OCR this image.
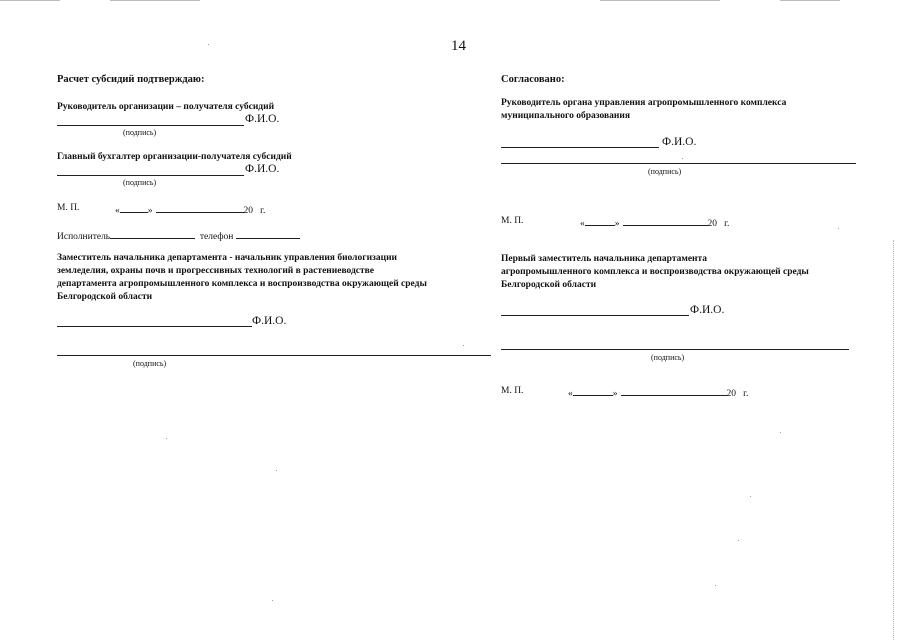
14
Расчет субсидий подтверждаю:
Руководитель организации – получателя субсидий
Ф.И.О.
(подпись)
Главный бухгалтер организации-получателя субсидий
Ф.И.О.
(подпись)
М. П.	«	»	20 г.
Исполнитель	телефон
Заместитель начальника департамента - начальник управления биологизации
земледелия, охраны почв и прогрессивных технологий в растениеводстве
департамента агропромышленного комплекса и воспроизводства окружающей среды
Белгородской области
Ф.И.О.
(подпись)
Согласовано:
Руководитель органа управления агропромышленного комплекса
муниципального образования
Ф.И.О.
(подпись)
М. П.	«	»	20 г.
Первый заместитель начальника департамента
агропромышленного комплекса и воспроизводства окружающей среды
Белгородской области
Ф.И.О.
(подпись)
М. П.	«	»	20 г.
